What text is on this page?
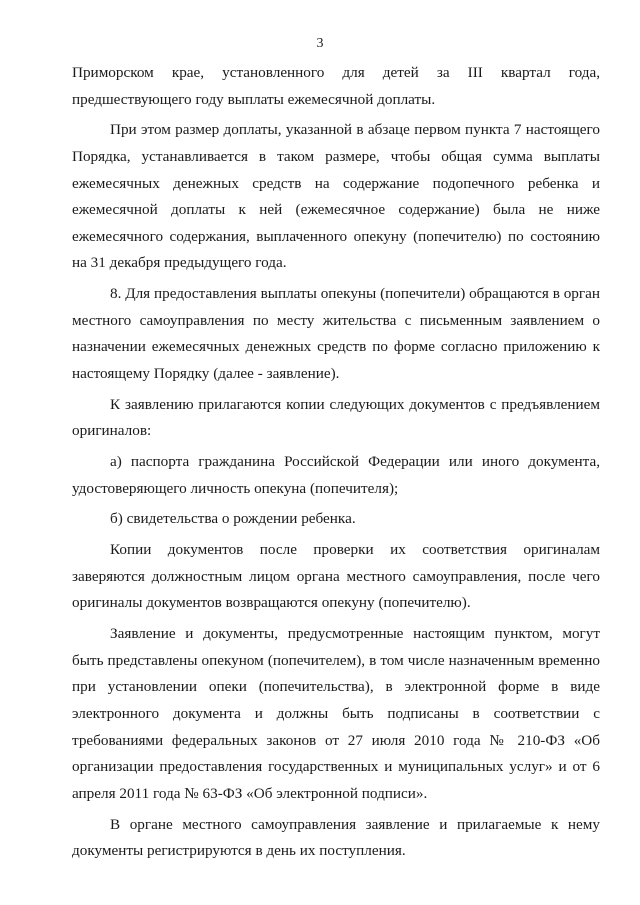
3

Приморском крае, установленного для детей за III квартал года, предшествующего году выплаты ежемесячной доплаты.

При этом размер доплаты, указанной в абзаце первом пункта 7 настоящего Порядка, устанавливается в таком размере, чтобы общая сумма выплаты ежемесячных денежных средств на содержание подопечного ребенка и ежемесячной доплаты к ней (ежемесячное содержание) была не ниже ежемесячного содержания, выплаченного опекуну (попечителю) по состоянию на 31 декабря предыдущего года.

8. Для предоставления выплаты опекуны (попечители) обращаются в орган местного самоуправления по месту жительства с письменным заявлением о назначении ежемесячных денежных средств по форме согласно приложению к настоящему Порядку (далее - заявление).

К заявлению прилагаются копии следующих документов с предъявлением оригиналов:

а) паспорта гражданина Российской Федерации или иного документа, удостоверяющего личность опекуна (попечителя);

б) свидетельства о рождении ребенка.

Копии документов после проверки их соответствия оригиналам заверяются должностным лицом органа местного самоуправления, после чего оригиналы документов возвращаются опекуну (попечителю).

Заявление и документы, предусмотренные настоящим пунктом, могут быть представлены опекуном (попечителем), в том числе назначенным временно при установлении опеки (попечительства), в электронной форме в виде электронного документа и должны быть подписаны в соответствии с требованиями федеральных законов от 27 июля 2010 года № 210-ФЗ «Об организации предоставления государственных и муниципальных услуг» и от 6 апреля 2011 года № 63-ФЗ «Об электронной подписи».

В органе местного самоуправления заявление и прилагаемые к нему документы регистрируются в день их поступления.
